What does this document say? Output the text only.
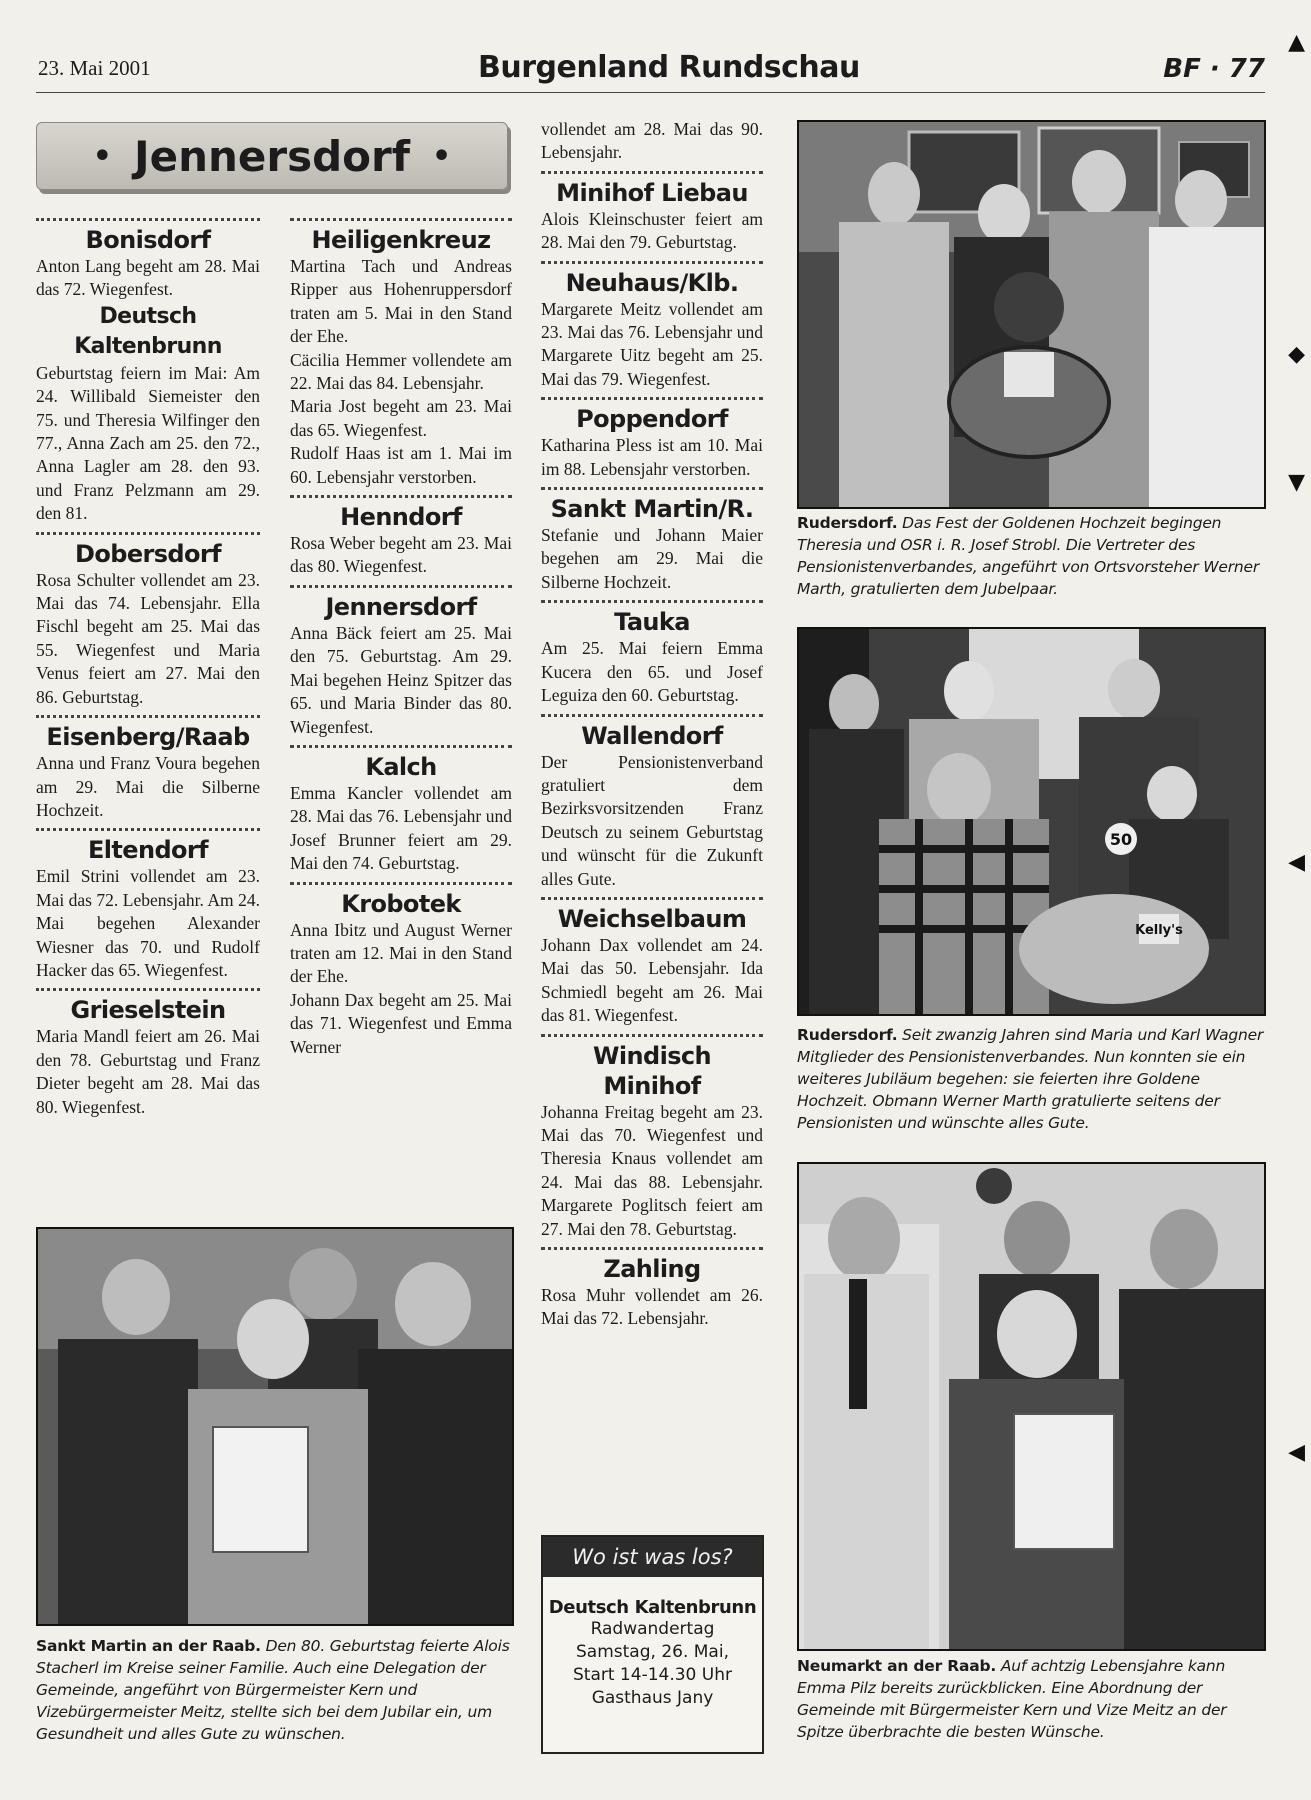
23. Mai 2001	Burgenland Rundschau	BF · 77
• Jennersdorf •
Bonisdorf

Anton Lang begeht am 28. Mai das 72. Wiegenfest.

Deutsch Kaltenbrunn

Geburtstag feiern im Mai: Am 24. Willibald Siemeister den 75. und Theresia Wilfinger den 77., Anna Zach am 25. den 72., Anna Lagler am 28. den 93. und Franz Pelzmann am 29. den 81.

Dobersdorf

Rosa Schulter vollendet am 23. Mai das 74. Lebensjahr. Ella Fischl begeht am 25. Mai das 55. Wiegenfest und Maria Venus feiert am 27. Mai den 86. Geburtstag.

Eisenberg/Raab

Anna und Franz Voura begehen am 29. Mai die Silberne Hochzeit.

Eltendorf

Emil Strini vollendet am 23. Mai das 72. Lebensjahr. Am 24. Mai begehen Alexander Wiesner das 70. und Rudolf Hacker das 65. Wiegenfest.

Grieselstein

Maria Mandl feiert am 26. Mai den 78. Geburtstag und Franz Dieter begeht am 28. Mai das 80. Wiegenfest.

Heiligenkreuz

Martina Tach und Andreas Ripper aus Hohenruppersdorf traten am 5. Mai in den Stand der Ehe.

Cäcilia Hemmer vollendete am 22. Mai das 84. Lebensjahr.

Maria Jost begeht am 23. Mai das 65. Wiegenfest.

Rudolf Haas ist am 1. Mai im 60. Lebensjahr verstorben.

Henndorf

Rosa Weber begeht am 23. Mai das 80. Wiegenfest.

Jennersdorf

Anna Bäck feiert am 25. Mai den 75. Geburtstag. Am 29. Mai begehen Heinz Spitzer das 65. und Maria Binder das 80. Wiegenfest.

Kalch

Emma Kancler vollendet am 28. Mai das 76. Lebensjahr und Josef Brunner feiert am 29. Mai den 74. Geburtstag.

Krobotek

Anna Ibitz und August Werner traten am 12. Mai in den Stand der Ehe.

Johann Dax begeht am 25. Mai das 71. Wiegenfest und Emma Werner

vollendet am 28. Mai das 90. Lebensjahr.

Minihof Liebau

Alois Kleinschuster feiert am 28. Mai den 79. Geburtstag.

Neuhaus/Klb.

Margarete Meitz vollendet am 23. Mai das 76. Lebensjahr und Margarete Uitz begeht am 25. Mai das 79. Wiegenfest.

Poppendorf

Katharina Pless ist am 10. Mai im 88. Lebensjahr verstorben.

Sankt Martin/R.

Stefanie und Johann Maier begehen am 29. Mai die Silberne Hochzeit.

Tauka

Am 25. Mai feiern Emma Kucera den 65. und Josef Leguiza den 60. Geburtstag.

Wallendorf

Der Pensionistenverband gratuliert dem Bezirksvorsitzenden Franz Deutsch zu seinem Geburtstag und wünscht für die Zukunft alles Gute.

Weichselbaum

Johann Dax vollendet am 24. Mai das 50. Lebensjahr. Ida Schmiedl begeht am 26. Mai das 81. Wiegenfest.

Windisch Minihof

Johanna Freitag begeht am 23. Mai das 70. Wiegenfest und Theresia Knaus vollendet am 24. Mai das 88. Lebensjahr. Margarete Poglitsch feiert am 27. Mai den 78. Geburtstag.

Zahling

Rosa Muhr vollendet am 26. Mai das 72. Lebensjahr.

Wo ist was los?
Deutsch Kaltenbrunn
Radwandertag
Samstag, 26. Mai,
Start 14-14.30 Uhr
Gasthaus Jany
Rudersdorf. Das Fest der Goldenen Hochzeit begingen Theresia und OSR i. R. Josef Strobl. Die Vertreter des Pensionistenverbandes, angeführt von Ortsvorsteher Werner Marth, gratulierten dem Jubelpaar.
50
Kelly's
Rudersdorf. Seit zwanzig Jahren sind Maria und Karl Wagner Mitglieder des Pensionistenverbandes. Nun konnten sie ein weiteres Jubiläum begehen: sie feierten ihre Goldene Hochzeit. Obmann Werner Marth gratulierte seitens der Pensionisten und wünschte alles Gute.
Neumarkt an der Raab. Auf achtzig Lebensjahre kann Emma Pilz bereits zurückblicken. Eine Abordnung der Gemeinde mit Bürgermeister Kern und Vize Meitz an der Spitze überbrachte die besten Wünsche.
Sankt Martin an der Raab. Den 80. Geburtstag feierte Alois Stacherl im Kreise seiner Familie. Auch eine Delegation der Gemeinde, angeführt von Bürgermeister Kern und Vizebürgermeister Meitz, stellte sich bei dem Jubilar ein, um Gesundheit und alles Gute zu wünschen.
▲
◆
▼
◀
◀
